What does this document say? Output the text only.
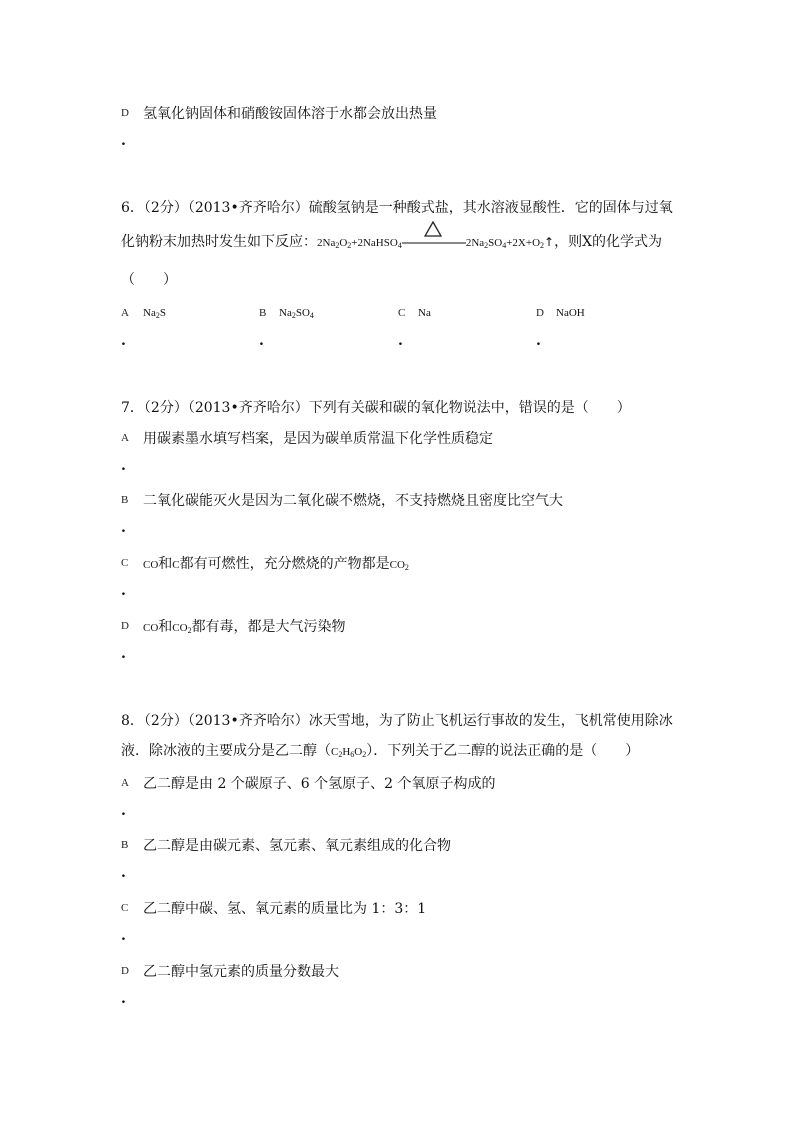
D 氢氧化钠固体和硝酸铵固体溶于水都会放出热量
.
6．（2分）（2013•齐齐哈尔）硫酸氢钠是一种酸式盐，其水溶液显酸性．它的固体与过氧
化钠粉末加热时发生如下反应：$2Na_2O_2+2NaHSO_4$	$2Na_2SO_4+2X+O_2↑$，则X的化学式为
（ ）
A $Na_2S$
.
B $Na_2SO_4$
.
C Na
.
D NaOH
.
7．（2分）（2013•齐齐哈尔）下列有关碳和碳的氧化物说法中，错误的是（　　）
A 用碳素墨水填写档案，是因为碳单质常温下化学性质稳定
.
B 二氧化碳能灭火是因为二氧化碳不燃烧，不支持燃烧且密度比空气大
.
C CO和C都有可燃性，充分燃烧的产物都是$CO_2$
.
D CO和$CO_2$都有毒，都是大气污染物
.
8．（2分）（2013•齐齐哈尔）冰天雪地，为了防止飞机运行事故的发生，飞机常使用除冰
液．除冰液的主要成分是乙二醇$(C_2H_6O_2)$．下列关于乙二醇的说法正确的是（　　）
A 乙二醇是由 2 个碳原子、6 个氢原子、2 个氧原子构成的
.
B 乙二醇是由碳元素、氢元素、氧元素组成的化合物
.
C 乙二醇中碳、氢、氧元素的质量比为 1：3：1
.
D 乙二醇中氢元素的质量分数最大
.
